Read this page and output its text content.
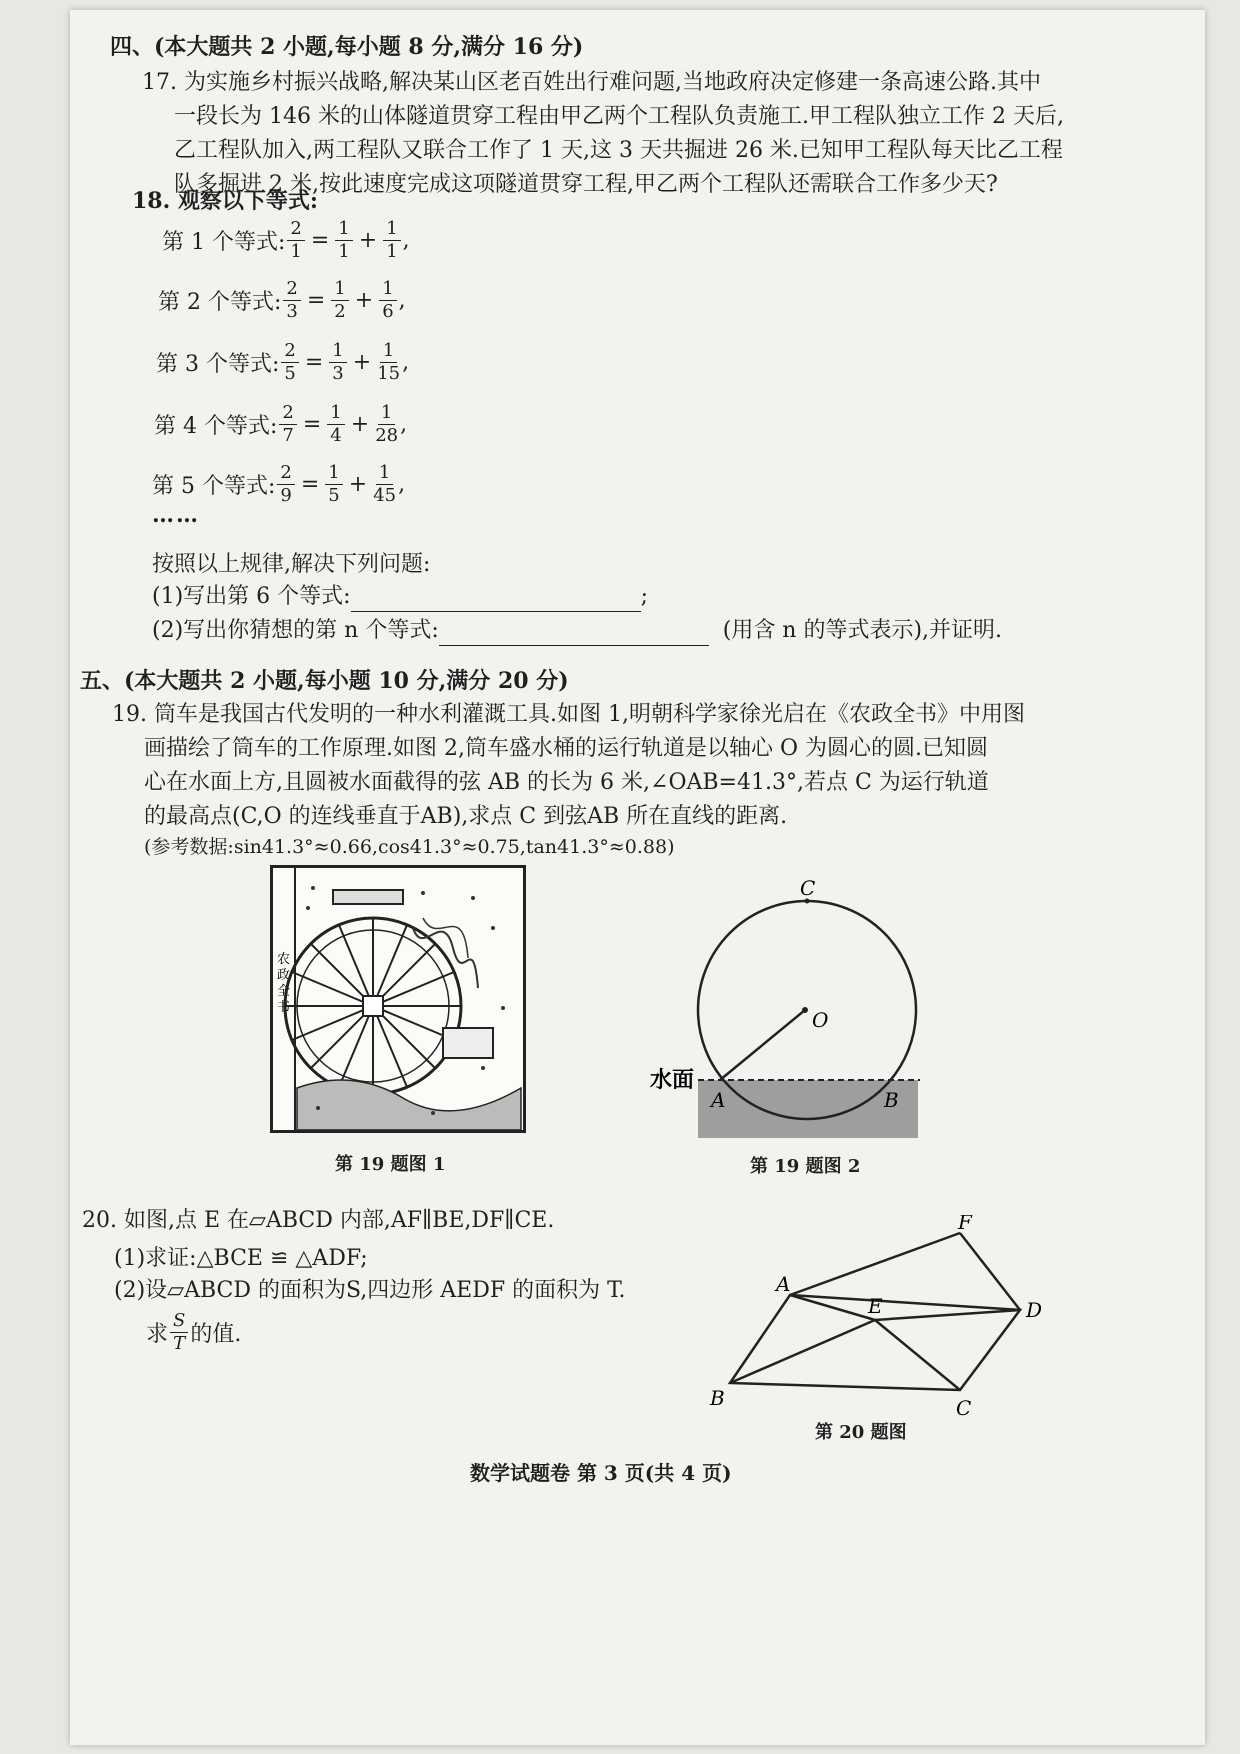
四、(本大题共 2 小题,每小题 8 分,满分 16 分)
17. 为实施乡村振兴战略,解决某山区老百姓出行难问题,当地政府决定修建一条高速公路.其中
一段长为 146 米的山体隧道贯穿工程由甲乙两个工程队负责施工.甲工程队独立工作 2 天后,
乙工程队加入,两工程队又联合工作了 1 天,这 3 天共掘进 26 米.已知甲工程队每天比乙工程
队多掘进 2 米,按此速度完成这项隧道贯穿工程,甲乙两个工程队还需联合工作多少天?
18. 观察以下等式:
第 1 个等式: $\frac{2}{1} = \frac{1}{1} + \frac{1}{1}$ ,
第 2 个等式: $\frac{2}{3} = \frac{1}{2} + \frac{1}{6}$ ,
第 3 个等式: $\frac{2}{5} = \frac{1}{3} + \frac{1}{15}$ ,
第 4 个等式: $\frac{2}{7} = \frac{1}{4} + \frac{1}{28}$ ,
第 5 个等式: $\frac{2}{9} = \frac{1}{5} + \frac{1}{45}$ ,
……
按照以上规律,解决下列问题:
(1)写出第 6 个等式:	;
(2)写出你猜想的第 n 个等式:	(用含 n 的等式表示),并证明.
五、(本大题共 2 小题,每小题 10 分,满分 20 分)
19. 筒车是我国古代发明的一种水利灌溉工具.如图 1,明朝科学家徐光启在《农政全书》中用图
画描绘了筒车的工作原理.如图 2,筒车盛水桶的运行轨道是以轴心 O 为圆心的圆.已知圆
心在水面上方,且圆被水面截得的弦 AB 的长为 6 米,∠OAB=41.3°,若点 C 为运行轨道
的最高点(C,O 的连线垂直于AB),求点 C 到弦AB 所在直线的距离.
(参考数据:sin41.3°≈0.66,cos41.3°≈0.75,tan41.3°≈0.88)
农
政
全
书
第 19 题图 1
C
O
A	B
水面
第 19 题图 2
20. 如图,点 E 在▱ABCD 内部,AF∥BE,DF∥CE.
(1)求证:△BCE ≌ △ADF;
(2)设▱ABCD 的面积为S,四边形 AEDF 的面积为 T.
求 $\frac{S}{T}$ 的值.
A
F
D
E
B	C
第 20 题图
数学试题卷 第 3 页(共 4 页)
